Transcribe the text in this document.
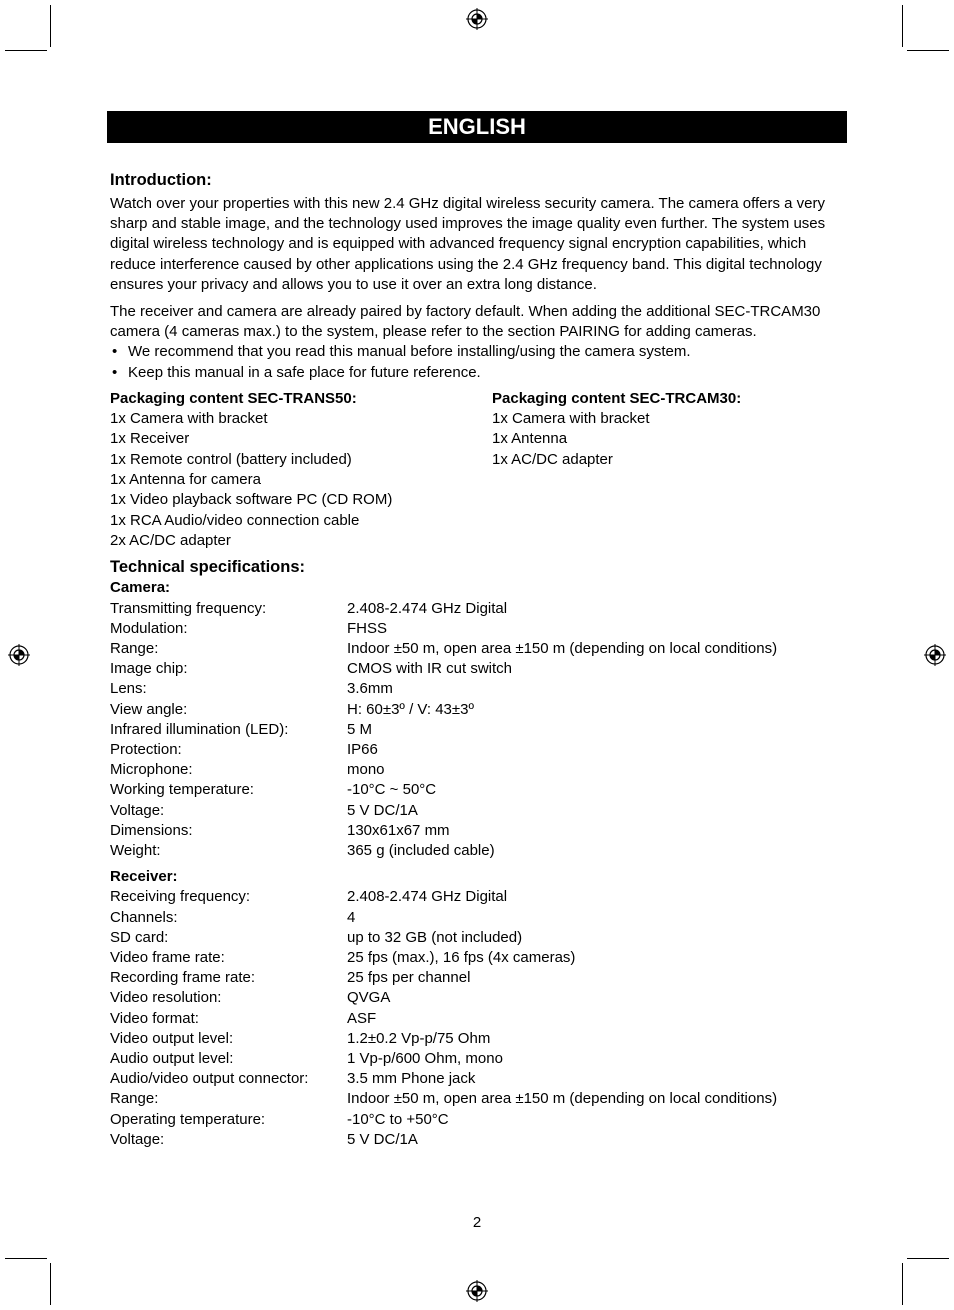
ENGLISH
Introduction:

Watch over your properties with this new 2.4 GHz digital wireless security camera. The camera offers a very sharp and stable image, and the technology used improves the image quality even further. The system uses digital wireless technology and is equipped with advanced frequency signal encryption capabilities, which reduce interference caused by other applications using the 2.4 GHz frequency band. This digital technology ensures your privacy and allows you to use it over an extra long distance.

The receiver and camera are already paired by factory default. When adding the additional SEC-TRCAM30 camera (4 cameras max.) to the system, please refer to the section PAIRING for adding cameras.

• We recommend that you read this manual before installing/using the camera system.
• Keep this manual in a safe place for future reference.
Packaging content SEC-TRANS50:
1x Camera with bracket
1x Receiver
1x Remote control (battery included)
1x Antenna for camera
1x Video playback software PC (CD ROM)
1x RCA Audio/video connection cable
2x AC/DC adapter
Packaging content SEC-TRCAM30:
1x Camera with bracket
1x Antenna
1x AC/DC adapter
Technical specifications:
Camera:
Transmitting frequency:	2.408-2.474 GHz Digital
Modulation:	FHSS
Range:	Indoor ±50 m, open area ±150 m (depending on local conditions)
Image chip:	CMOS with IR cut switch
Lens:	3.6mm
View angle:	H: 60±3º / V: 43±3º
Infrared illumination (LED):	5 M
Protection:	IP66
Microphone:	mono
Working temperature:	-10°C ~ 50°C
Voltage:	5 V DC/1A
Dimensions:	130x61x67 mm
Weight:	365 g (included cable)
Receiver:
Receiving frequency:	2.408-2.474 GHz Digital
Channels:	4
SD card:	up to 32 GB (not included)
Video frame rate:	25 fps (max.), 16 fps (4x cameras)
Recording frame rate:	25 fps per channel
Video resolution:	QVGA
Video format:	ASF
Video output level:	1.2±0.2 Vp-p/75 Ohm
Audio output level:	1 Vp-p/600 Ohm, mono
Audio/video output connector:	3.5 mm Phone jack
Range:	Indoor ±50 m, open area ±150 m (depending on local conditions)
Operating temperature:	-10°C to +50°C
Voltage:	5 V DC/1A
2
